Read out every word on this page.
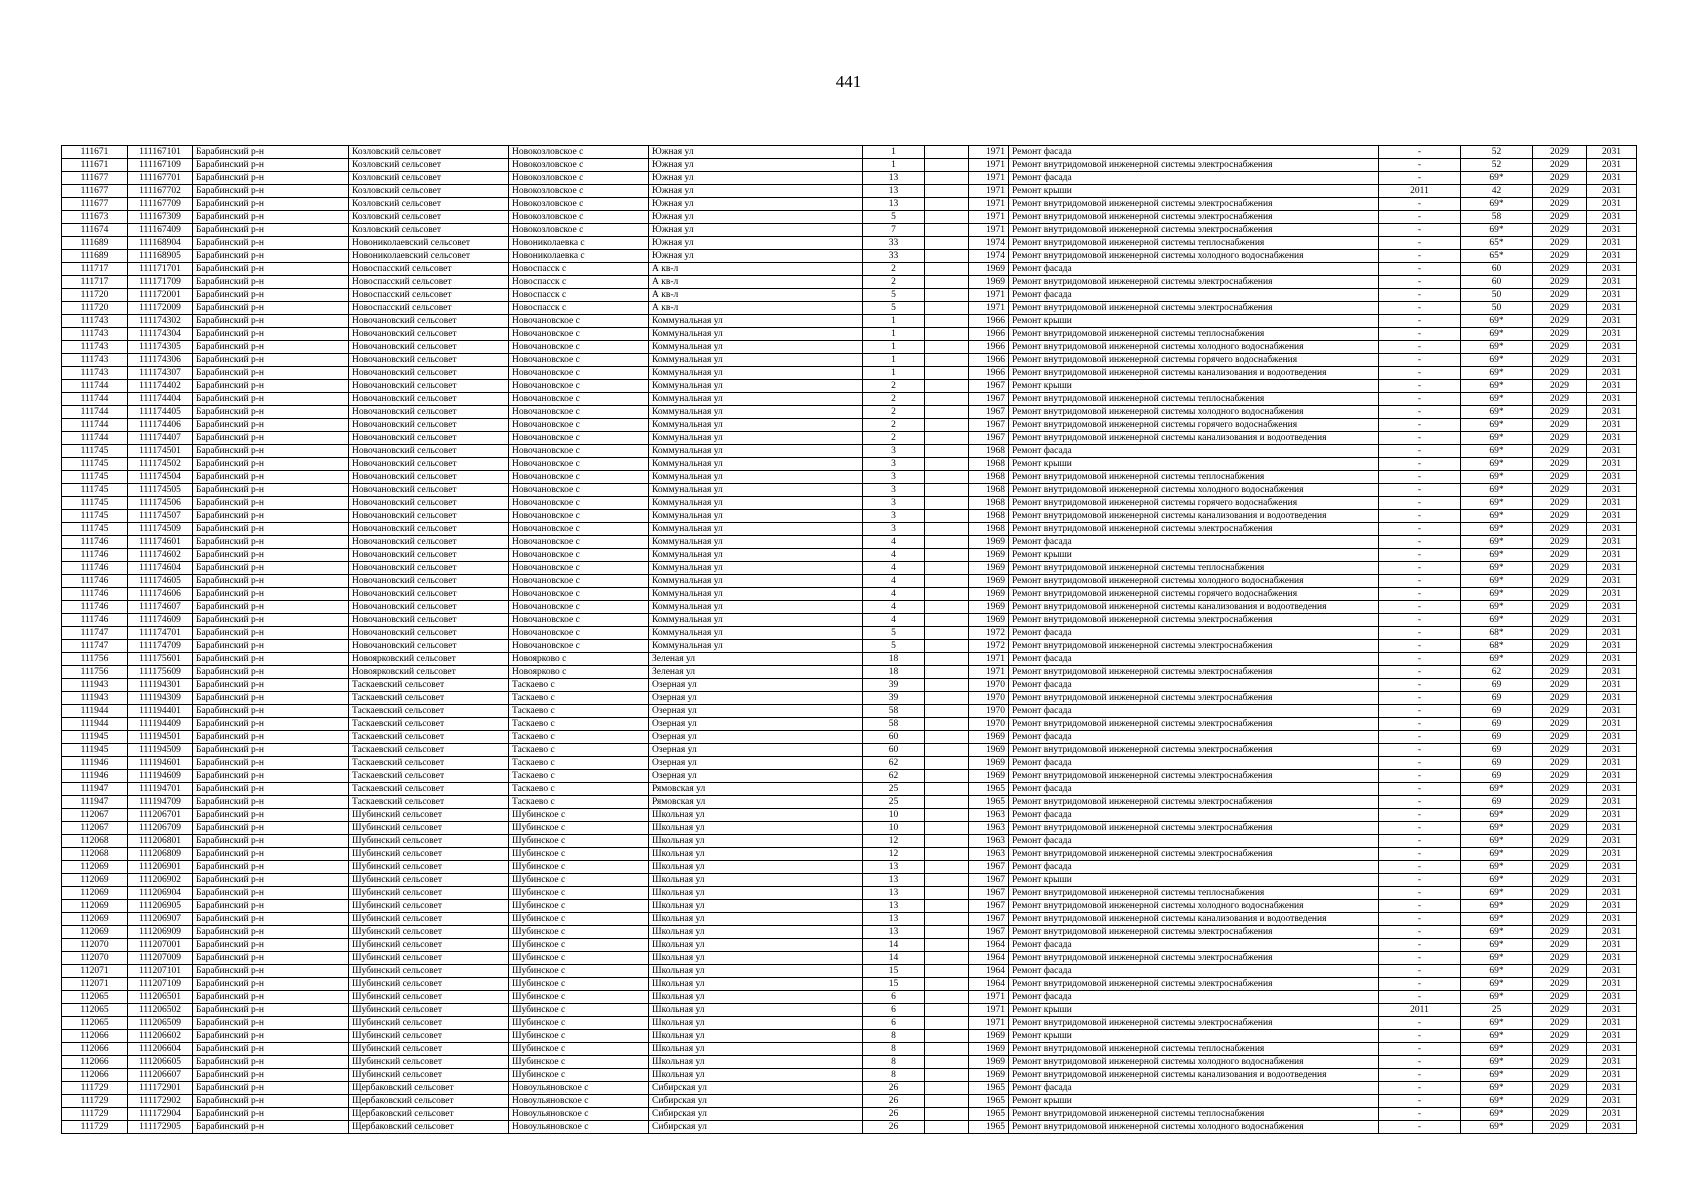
441
111671	111167101	Барабинский р-н	Козловский сельсовет	Новокозловское с	Южная ул	1		1971	Ремонт фасада	-	52	2029	2031
111671	111167109	Барабинский р-н	Козловский сельсовет	Новокозловское с	Южная ул	1		1971	Ремонт внутридомовой инженерной системы электроснабжения	-	52	2029	2031
111677	111167701	Барабинский р-н	Козловский сельсовет	Новокозловское с	Южная ул	13		1971	Ремонт фасада	-	69*	2029	2031
111677	111167702	Барабинский р-н	Козловский сельсовет	Новокозловское с	Южная ул	13		1971	Ремонт крыши	2011	42	2029	2031
111677	111167709	Барабинский р-н	Козловский сельсовет	Новокозловское с	Южная ул	13		1971	Ремонт внутридомовой инженерной системы электроснабжения	-	69*	2029	2031
111673	111167309	Барабинский р-н	Козловский сельсовет	Новокозловское с	Южная ул	5		1971	Ремонт внутридомовой инженерной системы электроснабжения	-	58	2029	2031
111674	111167409	Барабинский р-н	Козловский сельсовет	Новокозловское с	Южная ул	7		1971	Ремонт внутридомовой инженерной системы электроснабжения	-	69*	2029	2031
111689	111168904	Барабинский р-н	Новониколаевский сельсовет	Новониколаевка с	Южная ул	33		1974	Ремонт внутридомовой инженерной системы теплоснабжения	-	65*	2029	2031
111689	111168905	Барабинский р-н	Новониколаевский сельсовет	Новониколаевка с	Южная ул	33		1974	Ремонт внутридомовой инженерной системы холодного водоснабжения	-	65*	2029	2031
111717	111171701	Барабинский р-н	Новоспасский сельсовет	Новоспасск с	А кв-л	2		1969	Ремонт фасада	-	60	2029	2031
111717	111171709	Барабинский р-н	Новоспасский сельсовет	Новоспасск с	А кв-л	2		1969	Ремонт внутридомовой инженерной системы электроснабжения	-	60	2029	2031
111720	111172001	Барабинский р-н	Новоспасский сельсовет	Новоспасск с	А кв-л	5		1971	Ремонт фасада	-	50	2029	2031
111720	111172009	Барабинский р-н	Новоспасский сельсовет	Новоспасск с	А кв-л	5		1971	Ремонт внутридомовой инженерной системы электроснабжения	-	50	2029	2031
111743	111174302	Барабинский р-н	Новочановский сельсовет	Новочановское с	Коммунальная ул	1		1966	Ремонт крыши	-	69*	2029	2031
111743	111174304	Барабинский р-н	Новочановский сельсовет	Новочановское с	Коммунальная ул	1		1966	Ремонт внутридомовой инженерной системы теплоснабжения	-	69*	2029	2031
111743	111174305	Барабинский р-н	Новочановский сельсовет	Новочановское с	Коммунальная ул	1		1966	Ремонт внутридомовой инженерной системы холодного водоснабжения	-	69*	2029	2031
111743	111174306	Барабинский р-н	Новочановский сельсовет	Новочановское с	Коммунальная ул	1		1966	Ремонт внутридомовой инженерной системы горячего водоснабжения	-	69*	2029	2031
111743	111174307	Барабинский р-н	Новочановский сельсовет	Новочановское с	Коммунальная ул	1		1966	Ремонт внутридомовой инженерной системы канализования и водоотведения	-	69*	2029	2031
111744	111174402	Барабинский р-н	Новочановский сельсовет	Новочановское с	Коммунальная ул	2		1967	Ремонт крыши	-	69*	2029	2031
111744	111174404	Барабинский р-н	Новочановский сельсовет	Новочановское с	Коммунальная ул	2		1967	Ремонт внутридомовой инженерной системы теплоснабжения	-	69*	2029	2031
111744	111174405	Барабинский р-н	Новочановский сельсовет	Новочановское с	Коммунальная ул	2		1967	Ремонт внутридомовой инженерной системы холодного водоснабжения	-	69*	2029	2031
111744	111174406	Барабинский р-н	Новочановский сельсовет	Новочановское с	Коммунальная ул	2		1967	Ремонт внутридомовой инженерной системы горячего водоснабжения	-	69*	2029	2031
111744	111174407	Барабинский р-н	Новочановский сельсовет	Новочановское с	Коммунальная ул	2		1967	Ремонт внутридомовой инженерной системы канализования и водоотведения	-	69*	2029	2031
111745	111174501	Барабинский р-н	Новочановский сельсовет	Новочановское с	Коммунальная ул	3		1968	Ремонт фасада	-	69*	2029	2031
111745	111174502	Барабинский р-н	Новочановский сельсовет	Новочановское с	Коммунальная ул	3		1968	Ремонт крыши	-	69*	2029	2031
111745	111174504	Барабинский р-н	Новочановский сельсовет	Новочановское с	Коммунальная ул	3		1968	Ремонт внутридомовой инженерной системы теплоснабжения	-	69*	2029	2031
111745	111174505	Барабинский р-н	Новочановский сельсовет	Новочановское с	Коммунальная ул	3		1968	Ремонт внутридомовой инженерной системы холодного водоснабжения	-	69*	2029	2031
111745	111174506	Барабинский р-н	Новочановский сельсовет	Новочановское с	Коммунальная ул	3		1968	Ремонт внутридомовой инженерной системы горячего водоснабжения	-	69*	2029	2031
111745	111174507	Барабинский р-н	Новочановский сельсовет	Новочановское с	Коммунальная ул	3		1968	Ремонт внутридомовой инженерной системы канализования и водоотведения	-	69*	2029	2031
111745	111174509	Барабинский р-н	Новочановский сельсовет	Новочановское с	Коммунальная ул	3		1968	Ремонт внутридомовой инженерной системы электроснабжения	-	69*	2029	2031
111746	111174601	Барабинский р-н	Новочановский сельсовет	Новочановское с	Коммунальная ул	4		1969	Ремонт фасада	-	69*	2029	2031
111746	111174602	Барабинский р-н	Новочановский сельсовет	Новочановское с	Коммунальная ул	4		1969	Ремонт крыши	-	69*	2029	2031
111746	111174604	Барабинский р-н	Новочановский сельсовет	Новочановское с	Коммунальная ул	4		1969	Ремонт внутридомовой инженерной системы теплоснабжения	-	69*	2029	2031
111746	111174605	Барабинский р-н	Новочановский сельсовет	Новочановское с	Коммунальная ул	4		1969	Ремонт внутридомовой инженерной системы холодного водоснабжения	-	69*	2029	2031
111746	111174606	Барабинский р-н	Новочановский сельсовет	Новочановское с	Коммунальная ул	4		1969	Ремонт внутридомовой инженерной системы горячего водоснабжения	-	69*	2029	2031
111746	111174607	Барабинский р-н	Новочановский сельсовет	Новочановское с	Коммунальная ул	4		1969	Ремонт внутридомовой инженерной системы канализования и водоотведения	-	69*	2029	2031
111746	111174609	Барабинский р-н	Новочановский сельсовет	Новочановское с	Коммунальная ул	4		1969	Ремонт внутридомовой инженерной системы электроснабжения	-	69*	2029	2031
111747	111174701	Барабинский р-н	Новочановский сельсовет	Новочановское с	Коммунальная ул	5		1972	Ремонт фасада	-	68*	2029	2031
111747	111174709	Барабинский р-н	Новочановский сельсовет	Новочановское с	Коммунальная ул	5		1972	Ремонт внутридомовой инженерной системы электроснабжения	-	68*	2029	2031
111756	111175601	Барабинский р-н	Новоярковский сельсовет	Новоярково с	Зеленая ул	18		1971	Ремонт фасада	-	69*	2029	2031
111756	111175609	Барабинский р-н	Новоярковский сельсовет	Новоярково с	Зеленая ул	18		1971	Ремонт внутридомовой инженерной системы электроснабжения	-	62	2029	2031
111943	111194301	Барабинский р-н	Таскаевский сельсовет	Таскаево с	Озерная ул	39		1970	Ремонт фасада	-	69	2029	2031
111943	111194309	Барабинский р-н	Таскаевский сельсовет	Таскаево с	Озерная ул	39		1970	Ремонт внутридомовой инженерной системы электроснабжения	-	69	2029	2031
111944	111194401	Барабинский р-н	Таскаевский сельсовет	Таскаево с	Озерная ул	58		1970	Ремонт фасада	-	69	2029	2031
111944	111194409	Барабинский р-н	Таскаевский сельсовет	Таскаево с	Озерная ул	58		1970	Ремонт внутридомовой инженерной системы электроснабжения	-	69	2029	2031
111945	111194501	Барабинский р-н	Таскаевский сельсовет	Таскаево с	Озерная ул	60		1969	Ремонт фасада	-	69	2029	2031
111945	111194509	Барабинский р-н	Таскаевский сельсовет	Таскаево с	Озерная ул	60		1969	Ремонт внутридомовой инженерной системы электроснабжения	-	69	2029	2031
111946	111194601	Барабинский р-н	Таскаевский сельсовет	Таскаево с	Озерная ул	62		1969	Ремонт фасада	-	69	2029	2031
111946	111194609	Барабинский р-н	Таскаевский сельсовет	Таскаево с	Озерная ул	62		1969	Ремонт внутридомовой инженерной системы электроснабжения	-	69	2029	2031
111947	111194701	Барабинский р-н	Таскаевский сельсовет	Таскаево с	Рямовская ул	25		1965	Ремонт фасада	-	69*	2029	2031
111947	111194709	Барабинский р-н	Таскаевский сельсовет	Таскаево с	Рямовская ул	25		1965	Ремонт внутридомовой инженерной системы электроснабжения	-	69	2029	2031
112067	111206701	Барабинский р-н	Шубинский сельсовет	Шубинское с	Школьная ул	10		1963	Ремонт фасада	-	69*	2029	2031
112067	111206709	Барабинский р-н	Шубинский сельсовет	Шубинское с	Школьная ул	10		1963	Ремонт внутридомовой инженерной системы электроснабжения	-	69*	2029	2031
112068	111206801	Барабинский р-н	Шубинский сельсовет	Шубинское с	Школьная ул	12		1963	Ремонт фасада	-	69*	2029	2031
112068	111206809	Барабинский р-н	Шубинский сельсовет	Шубинское с	Школьная ул	12		1963	Ремонт внутридомовой инженерной системы электроснабжения	-	69*	2029	2031
112069	111206901	Барабинский р-н	Шубинский сельсовет	Шубинское с	Школьная ул	13		1967	Ремонт фасада	-	69*	2029	2031
112069	111206902	Барабинский р-н	Шубинский сельсовет	Шубинское с	Школьная ул	13		1967	Ремонт крыши	-	69*	2029	2031
112069	111206904	Барабинский р-н	Шубинский сельсовет	Шубинское с	Школьная ул	13		1967	Ремонт внутридомовой инженерной системы теплоснабжения	-	69*	2029	2031
112069	111206905	Барабинский р-н	Шубинский сельсовет	Шубинское с	Школьная ул	13		1967	Ремонт внутридомовой инженерной системы холодного водоснабжения	-	69*	2029	2031
112069	111206907	Барабинский р-н	Шубинский сельсовет	Шубинское с	Школьная ул	13		1967	Ремонт внутридомовой инженерной системы канализования и водоотведения	-	69*	2029	2031
112069	111206909	Барабинский р-н	Шубинский сельсовет	Шубинское с	Школьная ул	13		1967	Ремонт внутридомовой инженерной системы электроснабжения	-	69*	2029	2031
112070	111207001	Барабинский р-н	Шубинский сельсовет	Шубинское с	Школьная ул	14		1964	Ремонт фасада	-	69*	2029	2031
112070	111207009	Барабинский р-н	Шубинский сельсовет	Шубинское с	Школьная ул	14		1964	Ремонт внутридомовой инженерной системы электроснабжения	-	69*	2029	2031
112071	111207101	Барабинский р-н	Шубинский сельсовет	Шубинское с	Школьная ул	15		1964	Ремонт фасада	-	69*	2029	2031
112071	111207109	Барабинский р-н	Шубинский сельсовет	Шубинское с	Школьная ул	15		1964	Ремонт внутридомовой инженерной системы электроснабжения	-	69*	2029	2031
112065	111206501	Барабинский р-н	Шубинский сельсовет	Шубинское с	Школьная ул	6		1971	Ремонт фасада	-	69*	2029	2031
112065	111206502	Барабинский р-н	Шубинский сельсовет	Шубинское с	Школьная ул	6		1971	Ремонт крыши	2011	25	2029	2031
112065	111206509	Барабинский р-н	Шубинский сельсовет	Шубинское с	Школьная ул	6		1971	Ремонт внутридомовой инженерной системы электроснабжения	-	69*	2029	2031
112066	111206602	Барабинский р-н	Шубинский сельсовет	Шубинское с	Школьная ул	8		1969	Ремонт крыши	-	69*	2029	2031
112066	111206604	Барабинский р-н	Шубинский сельсовет	Шубинское с	Школьная ул	8		1969	Ремонт внутридомовой инженерной системы теплоснабжения	-	69*	2029	2031
112066	111206605	Барабинский р-н	Шубинский сельсовет	Шубинское с	Школьная ул	8		1969	Ремонт внутридомовой инженерной системы холодного водоснабжения	-	69*	2029	2031
112066	111206607	Барабинский р-н	Шубинский сельсовет	Шубинское с	Школьная ул	8		1969	Ремонт внутридомовой инженерной системы канализования и водоотведения	-	69*	2029	2031
111729	111172901	Барабинский р-н	Щербаковский сельсовет	Новоульяновское с	Сибирская ул	26		1965	Ремонт фасада	-	69*	2029	2031
111729	111172902	Барабинский р-н	Щербаковский сельсовет	Новоульяновское с	Сибирская ул	26		1965	Ремонт крыши	-	69*	2029	2031
111729	111172904	Барабинский р-н	Щербаковский сельсовет	Новоульяновское с	Сибирская ул	26		1965	Ремонт внутридомовой инженерной системы теплоснабжения	-	69*	2029	2031
111729	111172905	Барабинский р-н	Щербаковский сельсовет	Новоульяновское с	Сибирская ул	26		1965	Ремонт внутридомовой инженерной системы холодного водоснабжения	-	69*	2029	2031
